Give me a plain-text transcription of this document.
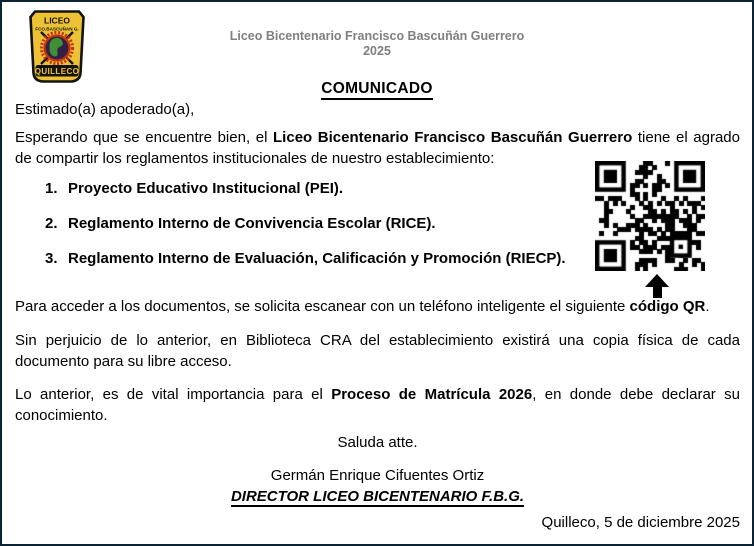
LICEO
FCO.BASCUÑAN G.
QUILLECO
Liceo Bicentenario Francisco Bascuñán Guerrero
2025
COMUNICADO

Estimado(a) apoderado(a),

Esperando que se encuentre bien, el Liceo Bicentenario Francisco Bascuñán Guerrero tiene el agrado de compartir los reglamentos institucionales de nuestro establecimiento:

1. Proyecto Educativo Institucional (PEI).
2. Reglamento Interno de Convivencia Escolar (RICE).
3. Reglamento Interno de Evaluación, Calificación y Promoción (RIECP).

Para acceder a los documentos, se solicita escanear con un teléfono inteligente el siguiente código QR.

Sin perjuicio de lo anterior, en Biblioteca CRA del establecimiento existirá una copia física de cada documento para su libre acceso.

Lo anterior, es de vital importancia para el Proceso de Matrícula 2026, en donde debe declarar su conocimiento.

Saluda atte.

Germán Enrique Cifuentes Ortiz
DIRECTOR LICEO BICENTENARIO F.B.G.

Quilleco, 5 de diciembre 2025
